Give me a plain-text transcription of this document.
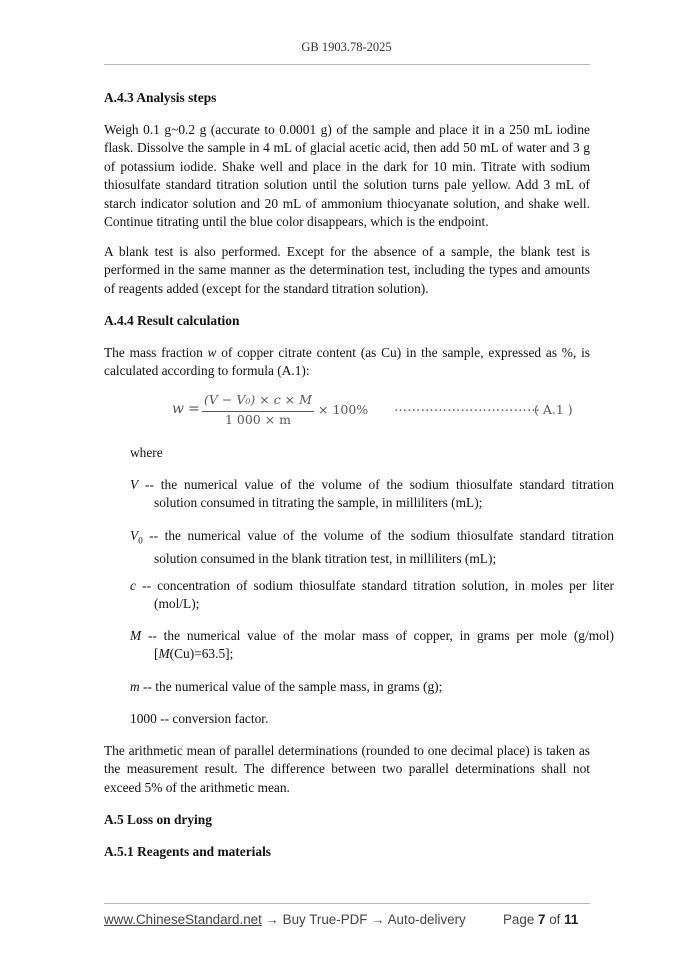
GB 1903.78-2025
A.4.3 Analysis steps
Weigh 0.1 g~0.2 g (accurate to 0.0001 g) of the sample and place it in a 250 mL iodine flask. Dissolve the sample in 4 mL of glacial acetic acid, then add 50 mL of water and 3 g of potassium iodide. Shake well and place in the dark for 10 min. Titrate with sodium thiosulfate standard titration solution until the solution turns pale yellow. Add 3 mL of starch indicator solution and 20 mL of ammonium thiocyanate solution, and shake well. Continue titrating until the blue color disappears, which is the endpoint.
A blank test is also performed. Except for the absence of a sample, the blank test is performed in the same manner as the determination test, including the types and amounts of reagents added (except for the standard titration solution).
A.4.4 Result calculation
The mass fraction w of copper citrate content (as Cu) in the sample, expressed as %, is calculated according to formula (A.1):
w =
(V − V₀) × c × M
1 000 × m
× 100% ……………………………
( A.1 )
where
V -- the numerical value of the volume of the sodium thiosulfate standard titration solution consumed in titrating the sample, in milliliters (mL);
$V_0$ -- the numerical value of the volume of the sodium thiosulfate standard titration solution consumed in the blank titration test, in milliliters (mL);
c -- concentration of sodium thiosulfate standard titration solution, in moles per liter (mol/L);
M -- the numerical value of the molar mass of copper, in grams per mole (g/mol) [M(Cu)=63.5];
m -- the numerical value of the sample mass, in grams (g);
1000 -- conversion factor.
The arithmetic mean of parallel determinations (rounded to one decimal place) is taken as the measurement result. The difference between two parallel determinations shall not exceed 5% of the arithmetic mean.
A.5 Loss on drying
A.5.1 Reagents and materials
www.ChineseStandard.net → Buy True-PDF → Auto-delivery	Page 7 of 11
